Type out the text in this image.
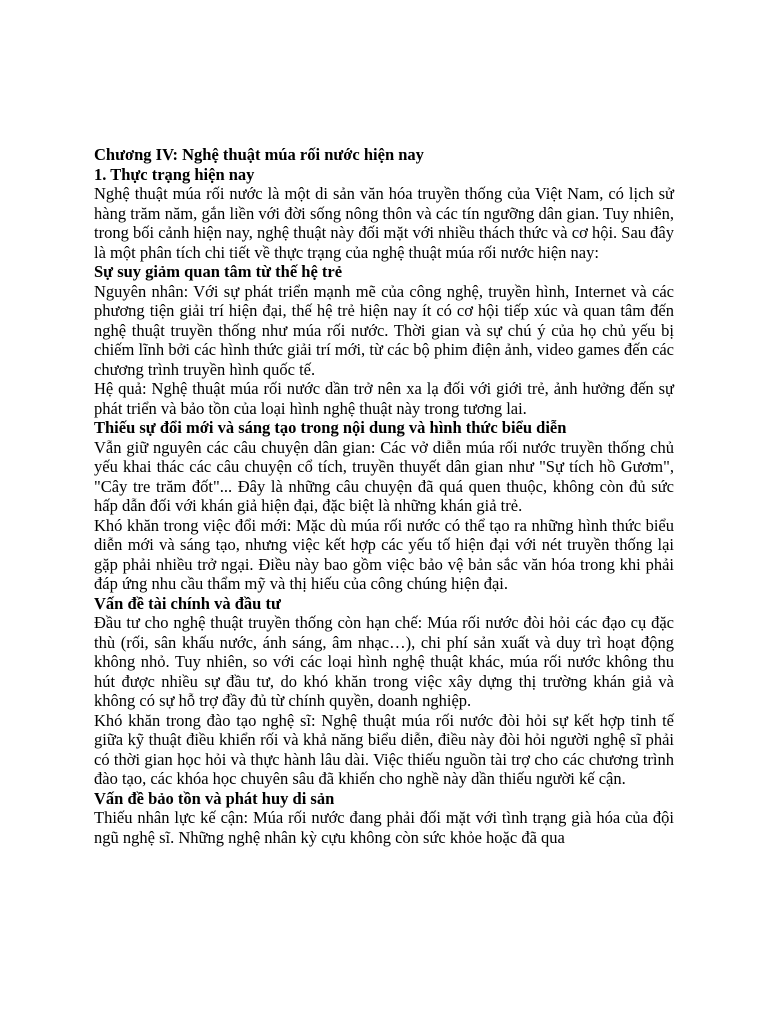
Chương IV: Nghệ thuật múa rối nước hiện nay

1. Thực trạng hiện nay

Nghệ thuật múa rối nước là một di sản văn hóa truyền thống của Việt Nam, có lịch sử hàng trăm năm, gắn liền với đời sống nông thôn và các tín ngưỡng dân gian. Tuy nhiên, trong bối cảnh hiện nay, nghệ thuật này đối mặt với nhiều thách thức và cơ hội. Sau đây là một phân tích chi tiết về thực trạng của nghệ thuật múa rối nước hiện nay:

Sự suy giảm quan tâm từ thế hệ trẻ

Nguyên nhân: Với sự phát triển mạnh mẽ của công nghệ, truyền hình, Internet và các phương tiện giải trí hiện đại, thế hệ trẻ hiện nay ít có cơ hội tiếp xúc và quan tâm đến nghệ thuật truyền thống như múa rối nước. Thời gian và sự chú ý của họ chủ yếu bị chiếm lĩnh bởi các hình thức giải trí mới, từ các bộ phim điện ảnh, video games đến các chương trình truyền hình quốc tế.

Hệ quả: Nghệ thuật múa rối nước dần trở nên xa lạ đối với giới trẻ, ảnh hưởng đến sự phát triển và bảo tồn của loại hình nghệ thuật này trong tương lai.

Thiếu sự đổi mới và sáng tạo trong nội dung và hình thức biểu diễn

Vẫn giữ nguyên các câu chuyện dân gian: Các vở diễn múa rối nước truyền thống chủ yếu khai thác các câu chuyện cổ tích, truyền thuyết dân gian như "Sự tích hồ Gươm", "Cây tre trăm đốt"... Đây là những câu chuyện đã quá quen thuộc, không còn đủ sức hấp dẫn đối với khán giả hiện đại, đặc biệt là những khán giả trẻ.

Khó khăn trong việc đổi mới: Mặc dù múa rối nước có thể tạo ra những hình thức biểu diễn mới và sáng tạo, nhưng việc kết hợp các yếu tố hiện đại với nét truyền thống lại gặp phải nhiều trở ngại. Điều này bao gồm việc bảo vệ bản sắc văn hóa trong khi phải đáp ứng nhu cầu thẩm mỹ và thị hiếu của công chúng hiện đại.

Vấn đề tài chính và đầu tư

Đầu tư cho nghệ thuật truyền thống còn hạn chế: Múa rối nước đòi hỏi các đạo cụ đặc thù (rối, sân khấu nước, ánh sáng, âm nhạc…), chi phí sản xuất và duy trì hoạt động không nhỏ. Tuy nhiên, so với các loại hình nghệ thuật khác, múa rối nước không thu hút được nhiều sự đầu tư, do khó khăn trong việc xây dựng thị trường khán giả và không có sự hỗ trợ đầy đủ từ chính quyền, doanh nghiệp.

Khó khăn trong đào tạo nghệ sĩ: Nghệ thuật múa rối nước đòi hỏi sự kết hợp tinh tế giữa kỹ thuật điều khiển rối và khả năng biểu diễn, điều này đòi hỏi người nghệ sĩ phải có thời gian học hỏi và thực hành lâu dài. Việc thiếu nguồn tài trợ cho các chương trình đào tạo, các khóa học chuyên sâu đã khiến cho nghề này dần thiếu người kế cận.

Vấn đề bảo tồn và phát huy di sản

Thiếu nhân lực kế cận: Múa rối nước đang phải đối mặt với tình trạng già hóa của đội ngũ nghệ sĩ. Những nghệ nhân kỳ cựu không còn sức khỏe hoặc đã qua
